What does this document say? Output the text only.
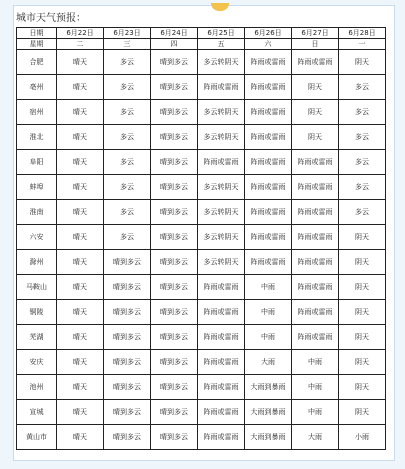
城市天气预报：
日期	6月22日	6月23日	6月24日	6月25日	6月26日	6月27日	6月28日
星期	二	三	四	五	六	日	一
合肥	晴天	多云	晴到多云	多云转阴天	阵雨或雷雨	阵雨或雷雨	阴天
亳州	晴天	多云	晴到多云	阵雨或雷雨	阵雨或雷雨	阴天	多云
宿州	晴天	多云	晴到多云	多云转阴天	阵雨或雷雨	阴天	多云
淮北	晴天	多云	晴到多云	多云转阴天	阵雨或雷雨	阴天	多云
阜阳	晴天	多云	晴到多云	阵雨或雷雨	阵雨或雷雨	阵雨或雷雨	多云
蚌埠	晴天	多云	晴到多云	多云转阴天	阵雨或雷雨	阵雨或雷雨	多云
淮南	晴天	多云	晴到多云	多云转阴天	阵雨或雷雨	阵雨或雷雨	多云
六安	晴天	多云	晴到多云	多云转阴天	阵雨或雷雨	阵雨或雷雨	阴天
滁州	晴天	晴到多云	晴到多云	多云转阴天	阵雨或雷雨	阵雨或雷雨	阴天
马鞍山	晴天	晴到多云	晴到多云	阵雨或雷雨	中雨	阵雨或雷雨	阴天
铜陵	晴天	晴到多云	晴到多云	阵雨或雷雨	中雨	阵雨或雷雨	阴天
芜湖	晴天	晴到多云	晴到多云	阵雨或雷雨	中雨	阵雨或雷雨	阴天
安庆	晴天	晴到多云	晴到多云	阵雨或雷雨	大雨	中雨	阴天
池州	晴天	晴到多云	晴到多云	阵雨或雷雨	大雨到暴雨	中雨	阴天
宣城	晴天	晴到多云	晴到多云	阵雨或雷雨	大雨到暴雨	中雨	阴天
黄山市	晴天	晴到多云	晴到多云	阵雨或雷雨	大雨到暴雨	大雨	小雨
